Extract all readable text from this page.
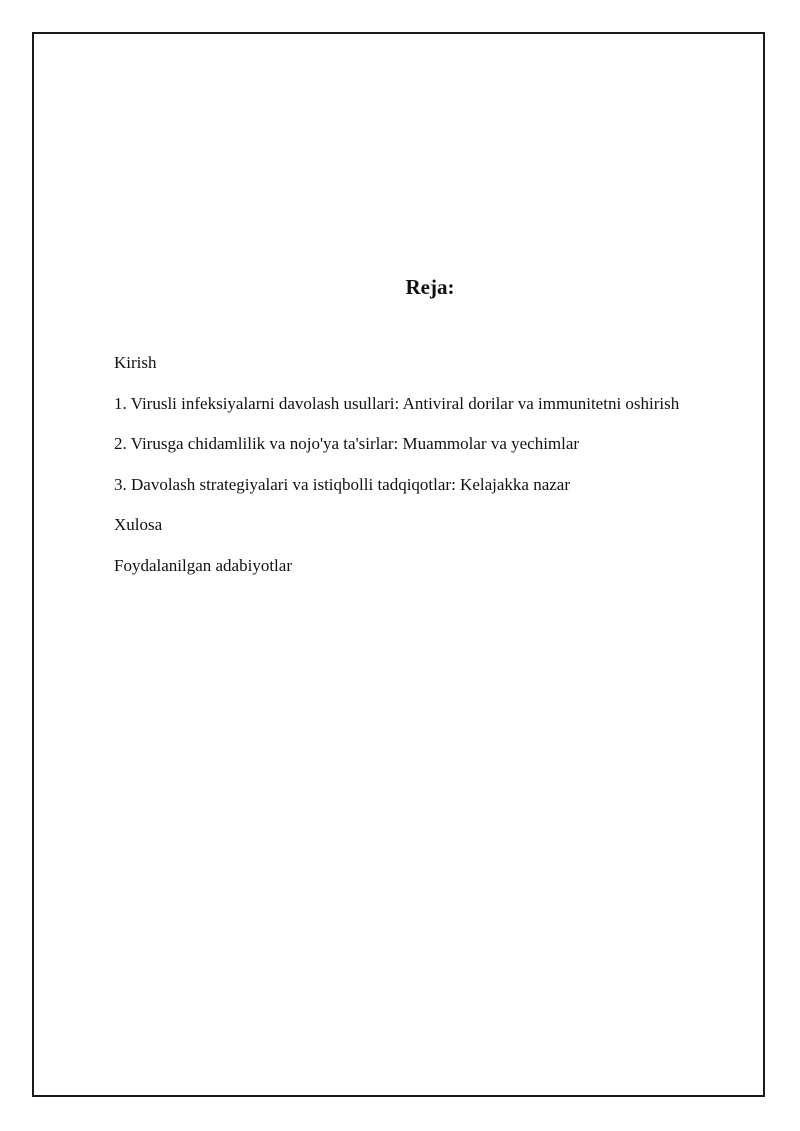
Reja:
Kirish
1. Virusli infeksiyalarni davolash usullari: Antiviral dorilar va immunitetni oshirish
2. Virusga chidamlilik va nojo'ya ta'sirlar: Muammolar va yechimlar
3. Davolash strategiyalari va istiqbolli tadqiqotlar: Kelajakka nazar
Xulosa
Foydalanilgan adabiyotlar
